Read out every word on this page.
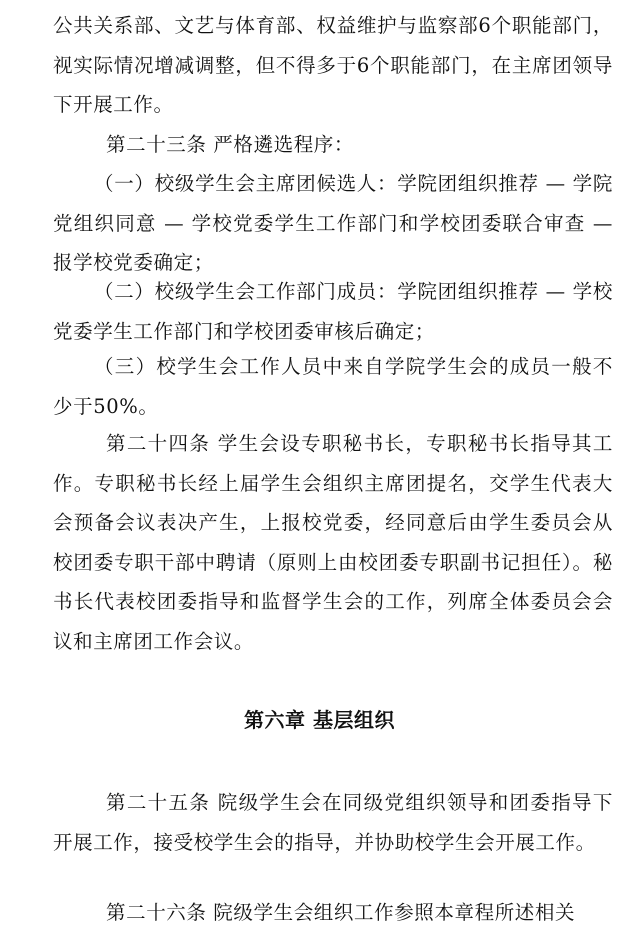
公共关系部、文艺与体育部、权益维护与监察部6个职能部门，视实际情况增减调整，但不得多于6个职能部门，在主席团领导下开展工作。

第二十三条 严格遴选程序：

（一）校级学生会主席团候选人：学院团组织推荐 — 学院党组织同意 — 学校党委学生工作部门和学校团委联合审查 — 报学校党委确定；

（二）校级学生会工作部门成员：学院团组织推荐 — 学校党委学生工作部门和学校团委审核后确定；

（三）校学生会工作人员中来自学院学生会的成员一般不少于50%。

第二十四条 学生会设专职秘书长，专职秘书长指导其工作。专职秘书长经上届学生会组织主席团提名，交学生代表大会预备会议表决产生，上报校党委，经同意后由学生委员会从校团委专职干部中聘请（原则上由校团委专职副书记担任）。秘书长代表校团委指导和监督学生会的工作，列席全体委员会会议和主席团工作会议。

第六章 基层组织

第二十五条 院级学生会在同级党组织领导和团委指导下开展工作，接受校学生会的指导，并协助校学生会开展工作。

第二十六条 院级学生会组织工作参照本章程所述相关
